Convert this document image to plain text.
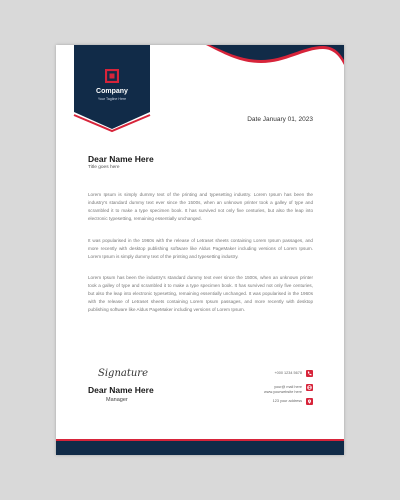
Company
Your Tagline Here
Date January 01, 2023
Dear Name Here
Title goes here

Lorem Ipsum is simply dummy text of the printing and typesetting industry. Lorem Ipsum has been the industry's standard dummy text ever since the 1500s, when an unknown printer took a galley of type and scrambled it to make a type specimen book. It has survived not only five centuries, but also the leap into electronic typesetting, remaining essentially unchanged.

It was popularised in the 1960s with the release of Letraset sheets containing Lorem Ipsum passages, and more recently with desktop publishing software like Aldus PageMaker including versions of Lorem Ipsum. Lorem Ipsum is simply dummy text of the printing and typesetting industry.

Lorem Ipsum has been the industry's standard dummy text ever since the 1500s, when an unknown printer took a galley of type and scrambled it to make a type specimen book. It has survived not only five centuries, but also the leap into electronic typesetting, remaining essentially unchanged. It was popularised in the 1960s with the release of Letraset sheets containing Lorem Ipsum passages, and more recently with desktop publishing software like Aldus PageMaker including versions of Lorem Ipsum.

Signature
Dear Name Here
Manager
+000 1234 5678
your@ mail here
www.yourwebsite here
123 your address
